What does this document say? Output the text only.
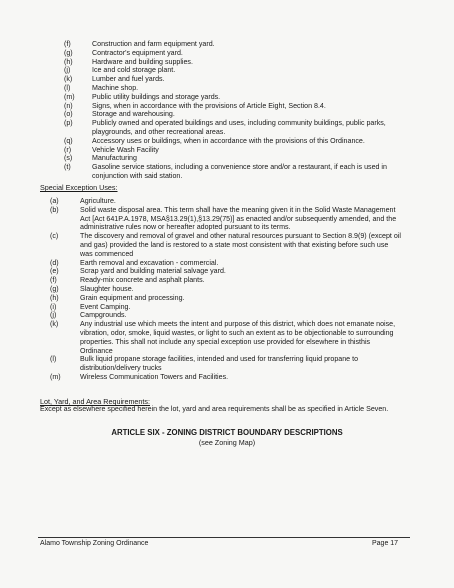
(f)	Construction and farm equipment yard.
(g)	Contractor's equipment yard.
(h)	Hardware and building supplies.
(j)	Ice and cold storage plant.
(k)	Lumber and fuel yards.
(l)	Machine shop.
(m)	Public utility buildings and storage yards.
(n)	Signs, when in accordance with the provisions of Article Eight, Section 8.4.
(o)	Storage and warehousing.
(p)	Publicly owned and operated buildings and uses, including community buildings, public parks, playgrounds, and other recreational areas.
(q)	Accessory uses or buildings, when in accordance with the provisions of this Ordinance.
(r)	Vehicle Wash Facility
(s)	Manufacturing
(t)	Gasoline service stations, including a convenience store and/or a restaurant, if each is used in conjunction with said station.
Special Exception Uses:
(a)	Agriculture.
(b)	Solid waste disposal area. This term shall have the meaning given it in the Solid Waste Management Act [Act 641P.A.1978, MSA§13.29(1),§13.29(75)] as enacted and/or subsequently amended, and the administrative rules now or hereafter adopted pursuant to its terms.
(c)	The discovery and removal of gravel and other natural resources pursuant to Section 8.9(9) (except oil and gas) provided the land is restored to a state most consistent with that existing before such use was commenced
(d)	Earth removal and excavation - commercial.
(e)	Scrap yard and building material salvage yard.
(f)	Ready-mix concrete and asphalt plants.
(g)	Slaughter house.
(h)	Grain equipment and processing.
(i)	Event Camping.
(j)	Campgrounds.
(k)	Any industrial use which meets the intent and purpose of this district, which does not emanate noise, vibration, odor, smoke, liquid wastes, or light to such an extent as to be objectionable to surrounding properties. This shall not include any special exception use provided for elsewhere in thisthis Ordinance
(l)	Bulk liquid propane storage facilities, intended and used for transferring liquid propane to distribution/delivery trucks
(m)	Wireless Communication Towers and Facilities.
Lot, Yard, and Area Requirements:
Except as elsewhere specified herein the lot, yard and area requirements shall be as specified in Article Seven.
ARTICLE SIX - ZONING DISTRICT BOUNDARY DESCRIPTIONS
(see Zoning Map)
Alamo Township Zoning Ordinance	Page 17
